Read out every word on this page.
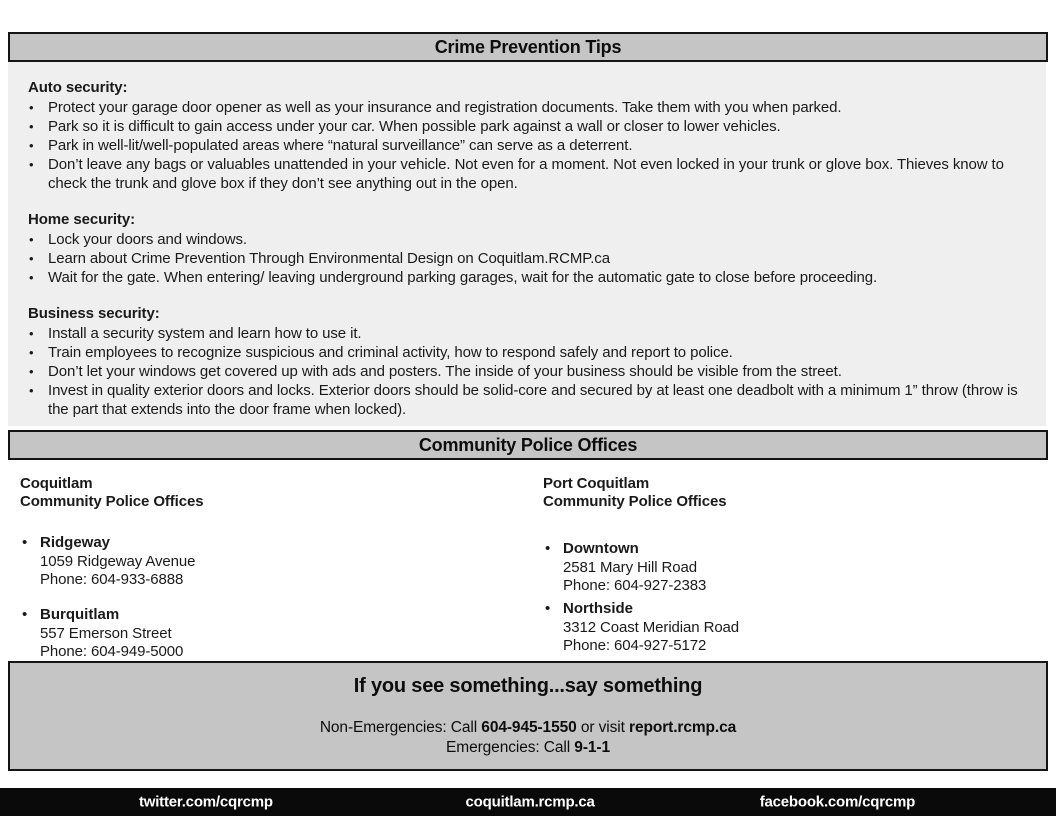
Crime Prevention Tips
Auto security:
• Protect your garage door opener as well as your insurance and registration documents. Take them with you when parked.
• Park so it is difficult to gain access under your car. When possible park against a wall or closer to lower vehicles.
• Park in well-lit/well-populated areas where “natural surveillance” can serve as a deterrent.
• Don’t leave any bags or valuables unattended in your vehicle. Not even for a moment. Not even locked in your trunk or glove box. Thieves know to check the trunk and glove box if they don’t see anything out in the open.
Home security:
• Lock your doors and windows.
• Learn about Crime Prevention Through Environmental Design on Coquitlam.RCMP.ca
• Wait for the gate. When entering/ leaving underground parking garages, wait for the automatic gate to close before proceeding.
Business security:
• Install a security system and learn how to use it.
• Train employees to recognize suspicious and criminal activity, how to respond safely and report to police.
• Don’t let your windows get covered up with ads and posters. The inside of your business should be visible from the street.
• Invest in quality exterior doors and locks. Exterior doors should be solid-core and secured by at least one deadbolt with a minimum 1” throw (throw is the part that extends into the door frame when locked).
Community Police Offices
Coquitlam
Community Police Offices
• Ridgeway
1059 Ridgeway Avenue
Phone: 604-933-6888
• Burquitlam
557 Emerson Street
Phone: 604-949-5000
Port Coquitlam
Community Police Offices
• Downtown
2581 Mary Hill Road
Phone: 604-927-2383
• Northside
3312 Coast Meridian Road
Phone: 604-927-5172
If you see something...say something
Non-Emergencies: Call 604-945-1550 or visit report.rcmp.ca
Emergencies: Call 9-1-1
twitter.com/cqrcmp	coquitlam.rcmp.ca	facebook.com/cqrcmp
